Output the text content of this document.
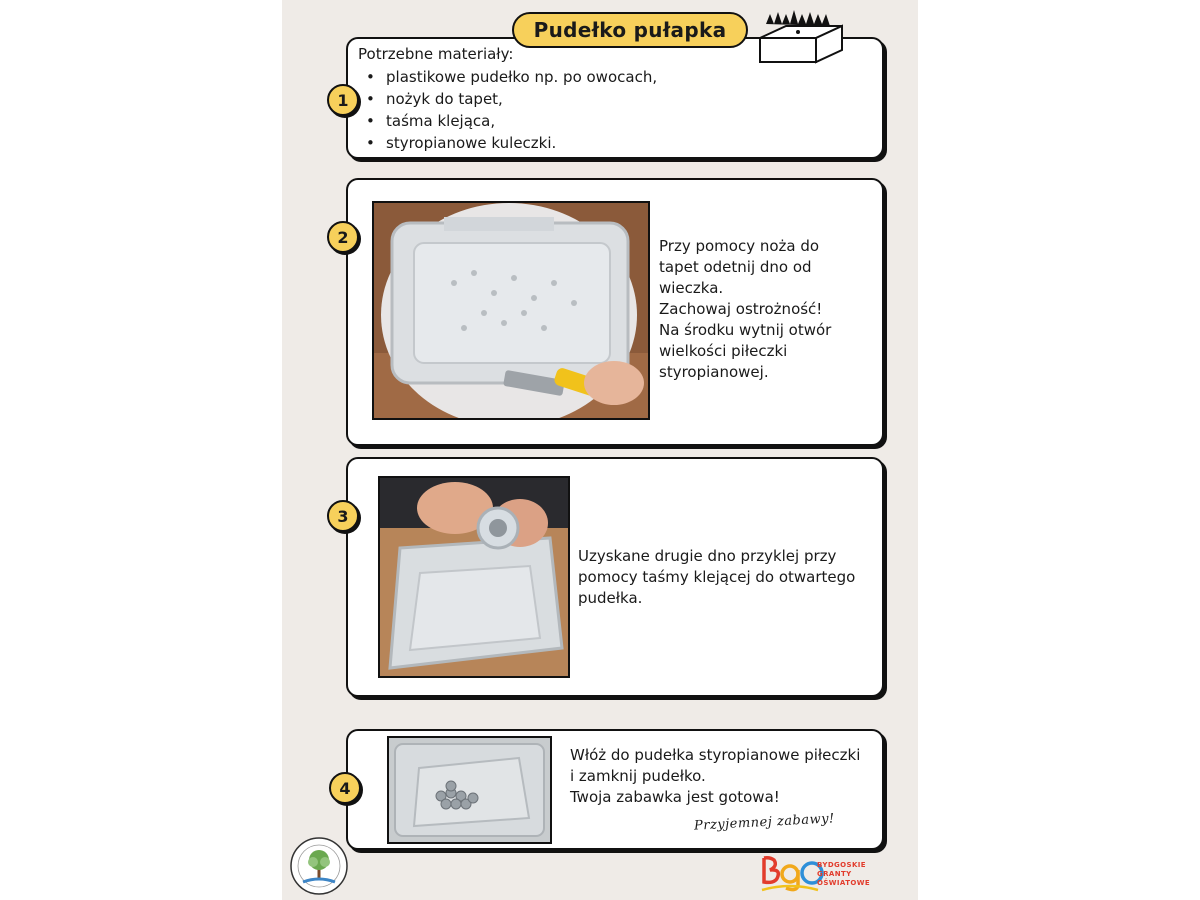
Pudełko pułapka
1
2
3
4
Potrzebne materiały:
• plastikowe pudełko np. po owocach,
• nożyk do tapet,
• taśma klejąca,
• styropianowe kuleczki.

Przy pomocy noża do
tapet odetnij dno od
wieczka.
Zachowaj ostrożność!
Na środku wytnij otwór
wielkości piłeczki
styropianowej.

Uzyskane drugie dno przyklej przy
pomocy taśmy klejącej do otwartego
pudełka.

Włóż do pudełka styropianowe piłeczki
i zamknij pudełko.
Twoja zabawka jest gotowa!

Przyjemnej zabawy!
BYDGOSKIE
GRANTY
OŚWIATOWE
